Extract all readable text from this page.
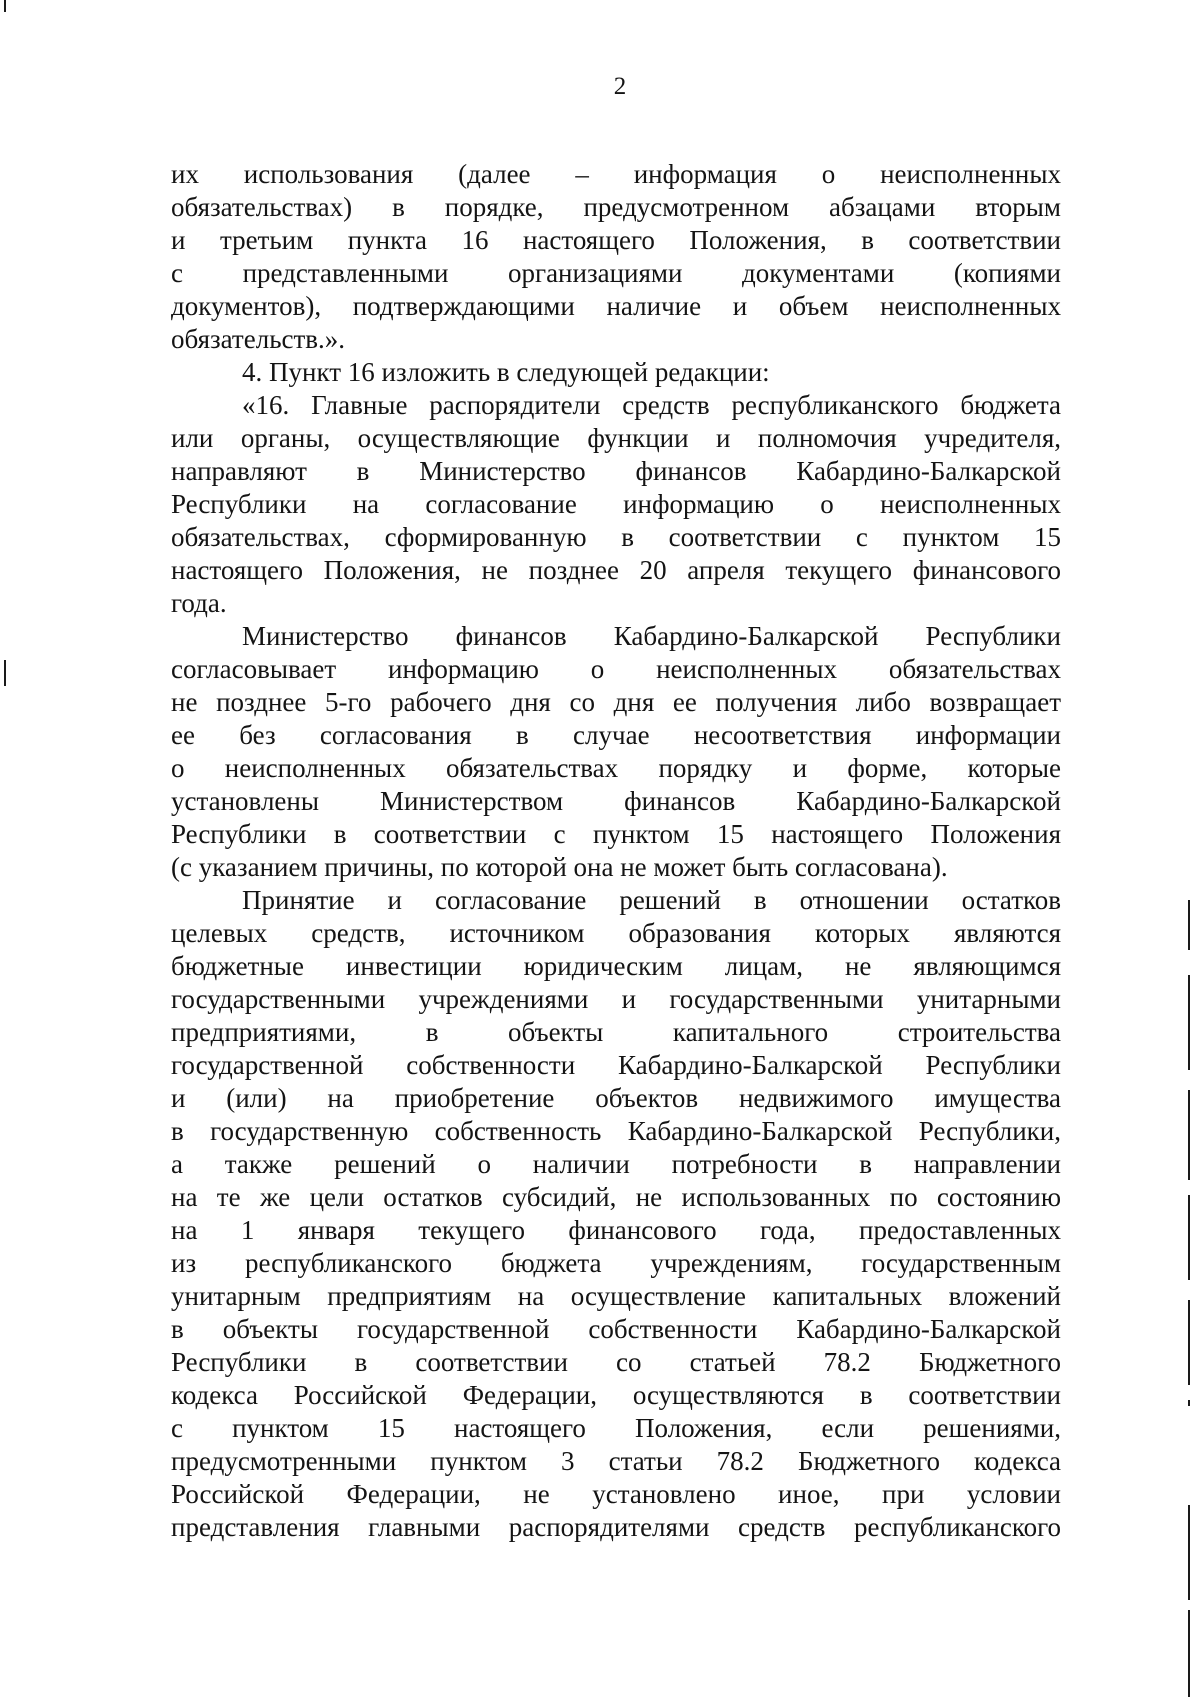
2
их использования (далее – информация о неисполненных
обязательствах) в порядке, предусмотренном абзацами вторым
и третьим пункта 16 настоящего Положения, в соответствии
с представленными организациями документами (копиями
документов), подтверждающими наличие и объем неисполненных
обязательств.».
4. Пункт 16 изложить в следующей редакции:
«16. Главные распорядители средств республиканского бюджета
или органы, осуществляющие функции и полномочия учредителя,
направляют в Министерство финансов Кабардино-Балкарской
Республики на согласование информацию о неисполненных
обязательствах, сформированную в соответствии с пунктом 15
настоящего Положения, не позднее 20 апреля текущего финансового
года.
Министерство финансов Кабардино-Балкарской Республики
согласовывает информацию о неисполненных обязательствах
не позднее 5-го рабочего дня со дня ее получения либо возвращает
ее без согласования в случае несоответствия информации
о неисполненных обязательствах порядку и форме, которые
установлены Министерством финансов Кабардино-Балкарской
Республики в соответствии с пунктом 15 настоящего Положения
(с указанием причины, по которой она не может быть согласована).
Принятие и согласование решений в отношении остатков
целевых средств, источником образования которых являются
бюджетные инвестиции юридическим лицам, не являющимся
государственными учреждениями и государственными унитарными
предприятиями, в объекты капитального строительства
государственной собственности Кабардино-Балкарской Республики
и (или) на приобретение объектов недвижимого имущества
в государственную собственность Кабардино-Балкарской Республики,
а также решений о наличии потребности в направлении
на те же цели остатков субсидий, не использованных по состоянию
на 1 января текущего финансового года, предоставленных
из республиканского бюджета учреждениям, государственным
унитарным предприятиям на осуществление капитальных вложений
в объекты государственной собственности Кабардино-Балкарской
Республики в соответствии со статьей 78.2 Бюджетного
кодекса Российской Федерации, осуществляются в соответствии
с пунктом 15 настоящего Положения, если решениями,
предусмотренными пунктом 3 статьи 78.2 Бюджетного кодекса
Российской Федерации, не установлено иное, при условии
представления главными распорядителями средств республиканского
